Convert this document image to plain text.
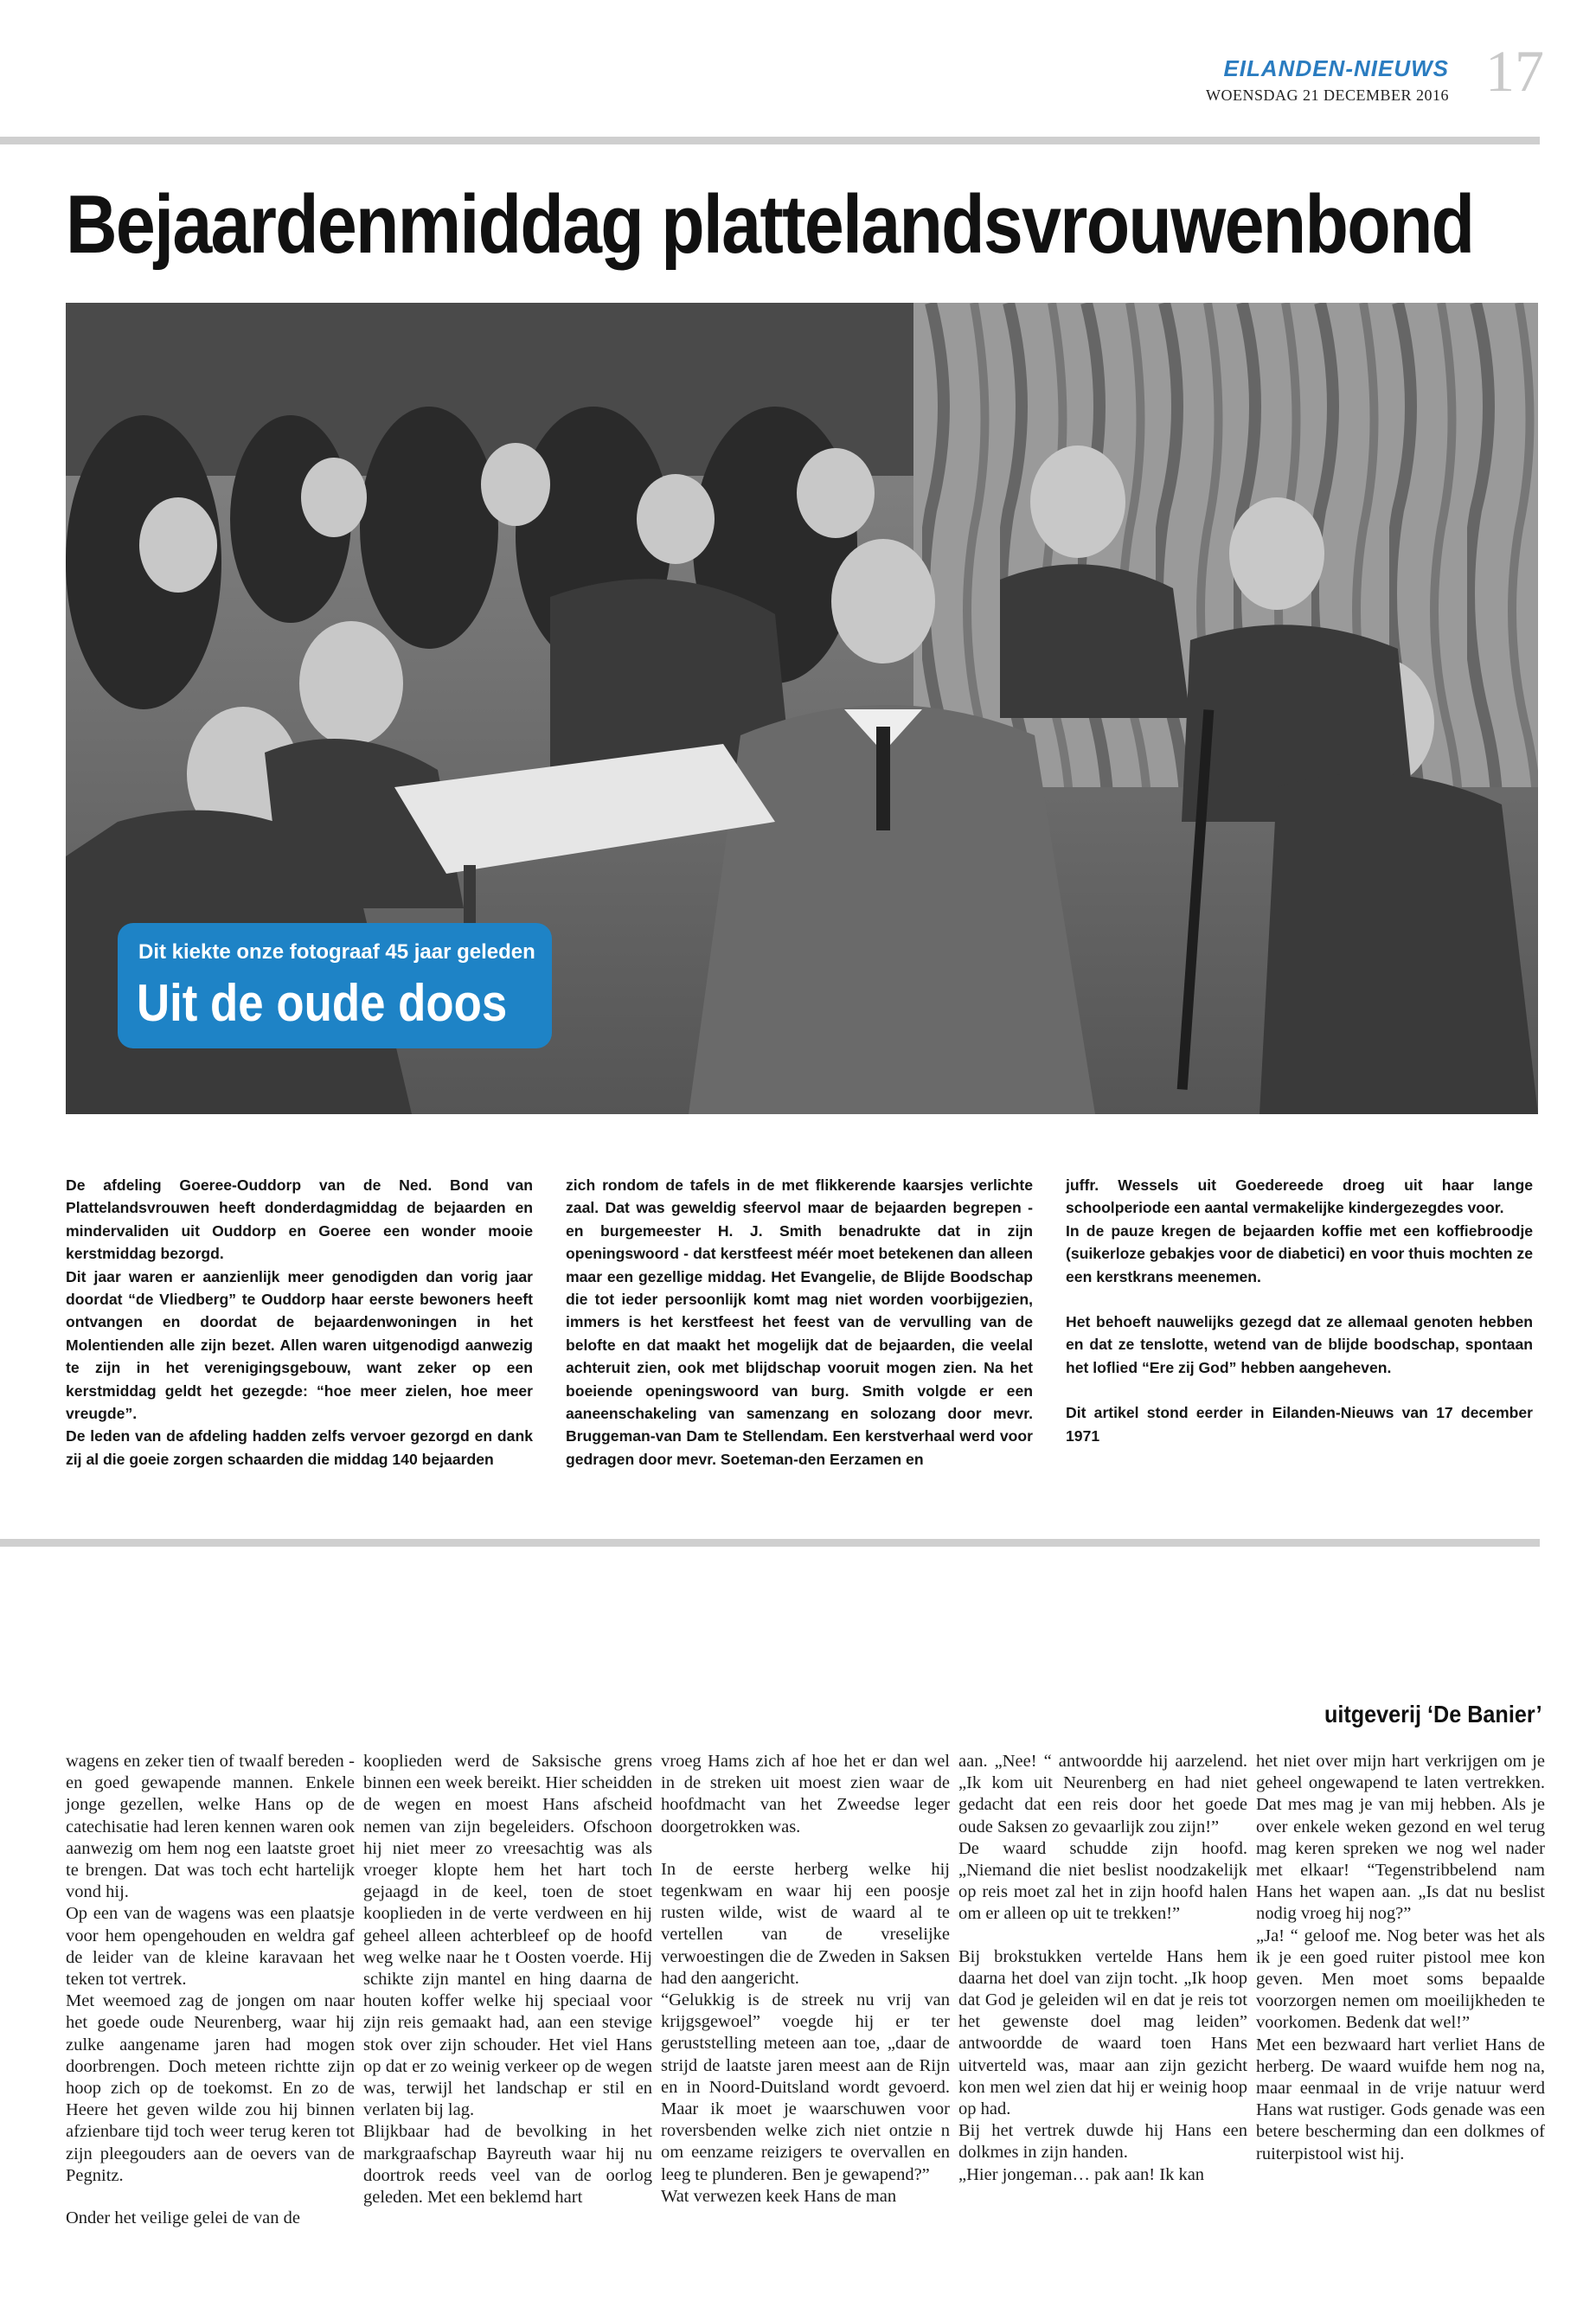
EILANDEN-NIEUWS
WOENSDAG 21 DECEMBER 2016 17
Bejaardenmiddag plattelandsvrouwenbond
Dit kiekte onze fotograaf 45 jaar geleden
Uit de oude doos

De afdeling Goeree-Ouddorp van de Ned. Bond van Plattelandsvrouwen heeft donderdagmiddag de bejaarden en mindervaliden uit Ouddorp en Goeree een wonder mooie kerstmiddag bezorgd.

Dit jaar waren er aanzienlijk meer genodigden dan vorig jaar doordat “de Vliedberg” te Ouddorp haar eerste bewoners heeft ontvangen en doordat de bejaardenwoningen in het Molentienden alle zijn bezet. Allen waren uitgenodigd aanwezig te zijn in het verenigingsgebouw, want zeker op een kerstmiddag geldt het gezegde: “hoe meer zielen, hoe meer vreugde”.

De leden van de afdeling hadden zelfs vervoer gezorgd en dank zij al die goeie zorgen schaarden die middag 140 bejaarden

zich rondom de tafels in de met flikkerende kaarsjes verlichte zaal. Dat was geweldig sfeervol maar de bejaarden begrepen - en burgemeester H. J. Smith benadrukte dat in zijn openingswoord - dat kerstfeest méér moet betekenen dan alleen maar een gezellige middag. Het Evangelie, de Blijde Boodschap die tot ieder persoonlijk komt mag niet worden voorbijgezien, immers is het kerstfeest het feest van de vervulling van de belofte en dat maakt het mogelijk dat de bejaarden, die veelal achteruit zien, ook met blijdschap vooruit mogen zien. Na het boeiende openingswoord van burg. Smith volgde er een aaneenschakeling van samenzang en solozang door mevr. Bruggeman-van Dam te Stellendam. Een kerstverhaal werd voor gedragen door mevr. Soeteman-den Eerzamen en

juffr. Wessels uit Goedereede droeg uit haar lange schoolperiode een aantal vermakelijke kindergezegdes voor.

In de pauze kregen de bejaarden koffie met een koffiebroodje (suikerloze gebakjes voor de diabetici) en voor thuis mochten ze een kerstkrans meenemen.

Het behoeft nauwelijks gezegd dat ze allemaal genoten hebben en dat ze tenslotte, wetend van de blijde boodschap, spontaan het loflied “Ere zij God” hebben aangeheven.

Dit artikel stond eerder in Eilanden-Nieuws van 17 december 1971

uitgeverij ‘De Banier’

wagens en zeker tien of twaalf bereden - en goed gewapende mannen. Enkele jonge gezellen, welke Hans op de catechisatie had leren kennen waren ook aanwezig om hem nog een laatste groet te brengen. Dat was toch echt hartelijk vond hij.

Op een van de wagens was een plaatsje voor hem opengehouden en weldra gaf de leider van de kleine karavaan het teken tot vertrek.

Met weemoed zag de jongen om naar het goede oude Neurenberg, waar hij zulke aangename jaren had mogen doorbrengen. Doch meteen richtte zijn hoop zich op de toekomst. En zo de Heere het geven wilde zou hij binnen afzienbare tijd toch weer terug keren tot zijn pleegouders aan de oevers van de Pegnitz.

Onder het veilige gelei de van de

kooplieden werd de Saksische grens binnen een week bereikt. Hier scheidden de wegen en moest Hans afscheid nemen van zijn begeleiders. Ofschoon hij niet meer zo vreesachtig was als vroeger klopte hem het hart toch gejaagd in de keel, toen de stoet kooplieden in de verte verdween en hij geheel alleen achterbleef op de hoofd weg welke naar he t Oosten voerde. Hij schikte zijn mantel en hing daarna de houten koffer welke hij speciaal voor zijn reis gemaakt had, aan een stevige stok over zijn schouder. Het viel Hans op dat er zo weinig verkeer op de wegen was, terwijl het landschap er stil en verlaten bij lag.

Blijkbaar had de bevolking in het markgraafschap Bayreuth waar hij nu doortrok reeds veel van de oorlog geleden. Met een beklemd hart

vroeg Hams zich af hoe het er dan wel in de streken uit moest zien waar de hoofdmacht van het Zweedse leger doorgetrokken was.

In de eerste herberg welke hij tegenkwam en waar hij een poosje rusten wilde, wist de waard al te vertellen van de vreselijke verwoestingen die de Zweden in Saksen had den aangericht.

“Gelukkig is de streek nu vrij van krijgsgewoel” voegde hij er ter geruststelling meteen aan toe, „daar de strijd de laatste jaren meest aan de Rijn en in Noord-Duitsland wordt gevoerd. Maar ik moet je waarschuwen voor roversbenden welke zich niet ontzie n om eenzame reizigers te overvallen en leeg te plunderen. Ben je gewapend?”

Wat verwezen keek Hans de man

aan. „Nee! “ antwoordde hij aarzelend. „Ik kom uit Neurenberg en had niet gedacht dat een reis door het goede oude Saksen zo gevaarlijk zou zijn!”

De waard schudde zijn hoofd. „Niemand die niet beslist noodzakelijk op reis moet zal het in zijn hoofd halen om er alleen op uit te trekken!”

Bij brokstukken vertelde Hans hem daarna het doel van zijn tocht. „Ik hoop dat God je geleiden wil en dat je reis tot het gewenste doel mag leiden” antwoordde de waard toen Hans uitverteld was, maar aan zijn gezicht kon men wel zien dat hij er weinig hoop op had.

Bij het vertrek duwde hij Hans een dolkmes in zijn handen.

„Hier jongeman… pak aan! Ik kan

het niet over mijn hart verkrijgen om je geheel ongewapend te laten vertrekken. Dat mes mag je van mij hebben. Als je over enkele weken gezond en wel terug mag keren spreken we nog wel nader met elkaar! “Tegenstribbelend nam Hans het wapen aan. „Is dat nu beslist nodig vroeg hij nog?”

„Ja! “ geloof me. Nog beter was het als ik je een goed ruiter pistool mee kon geven. Men moet soms bepaalde voorzorgen nemen om moeilijkheden te voorkomen. Bedenk dat wel!”

Met een bezwaard hart verliet Hans de herberg. De waard wuifde hem nog na, maar eenmaal in de vrije natuur werd Hans wat rustiger. Gods genade was een betere bescherming dan een dolkmes of ruiterpistool wist hij.
